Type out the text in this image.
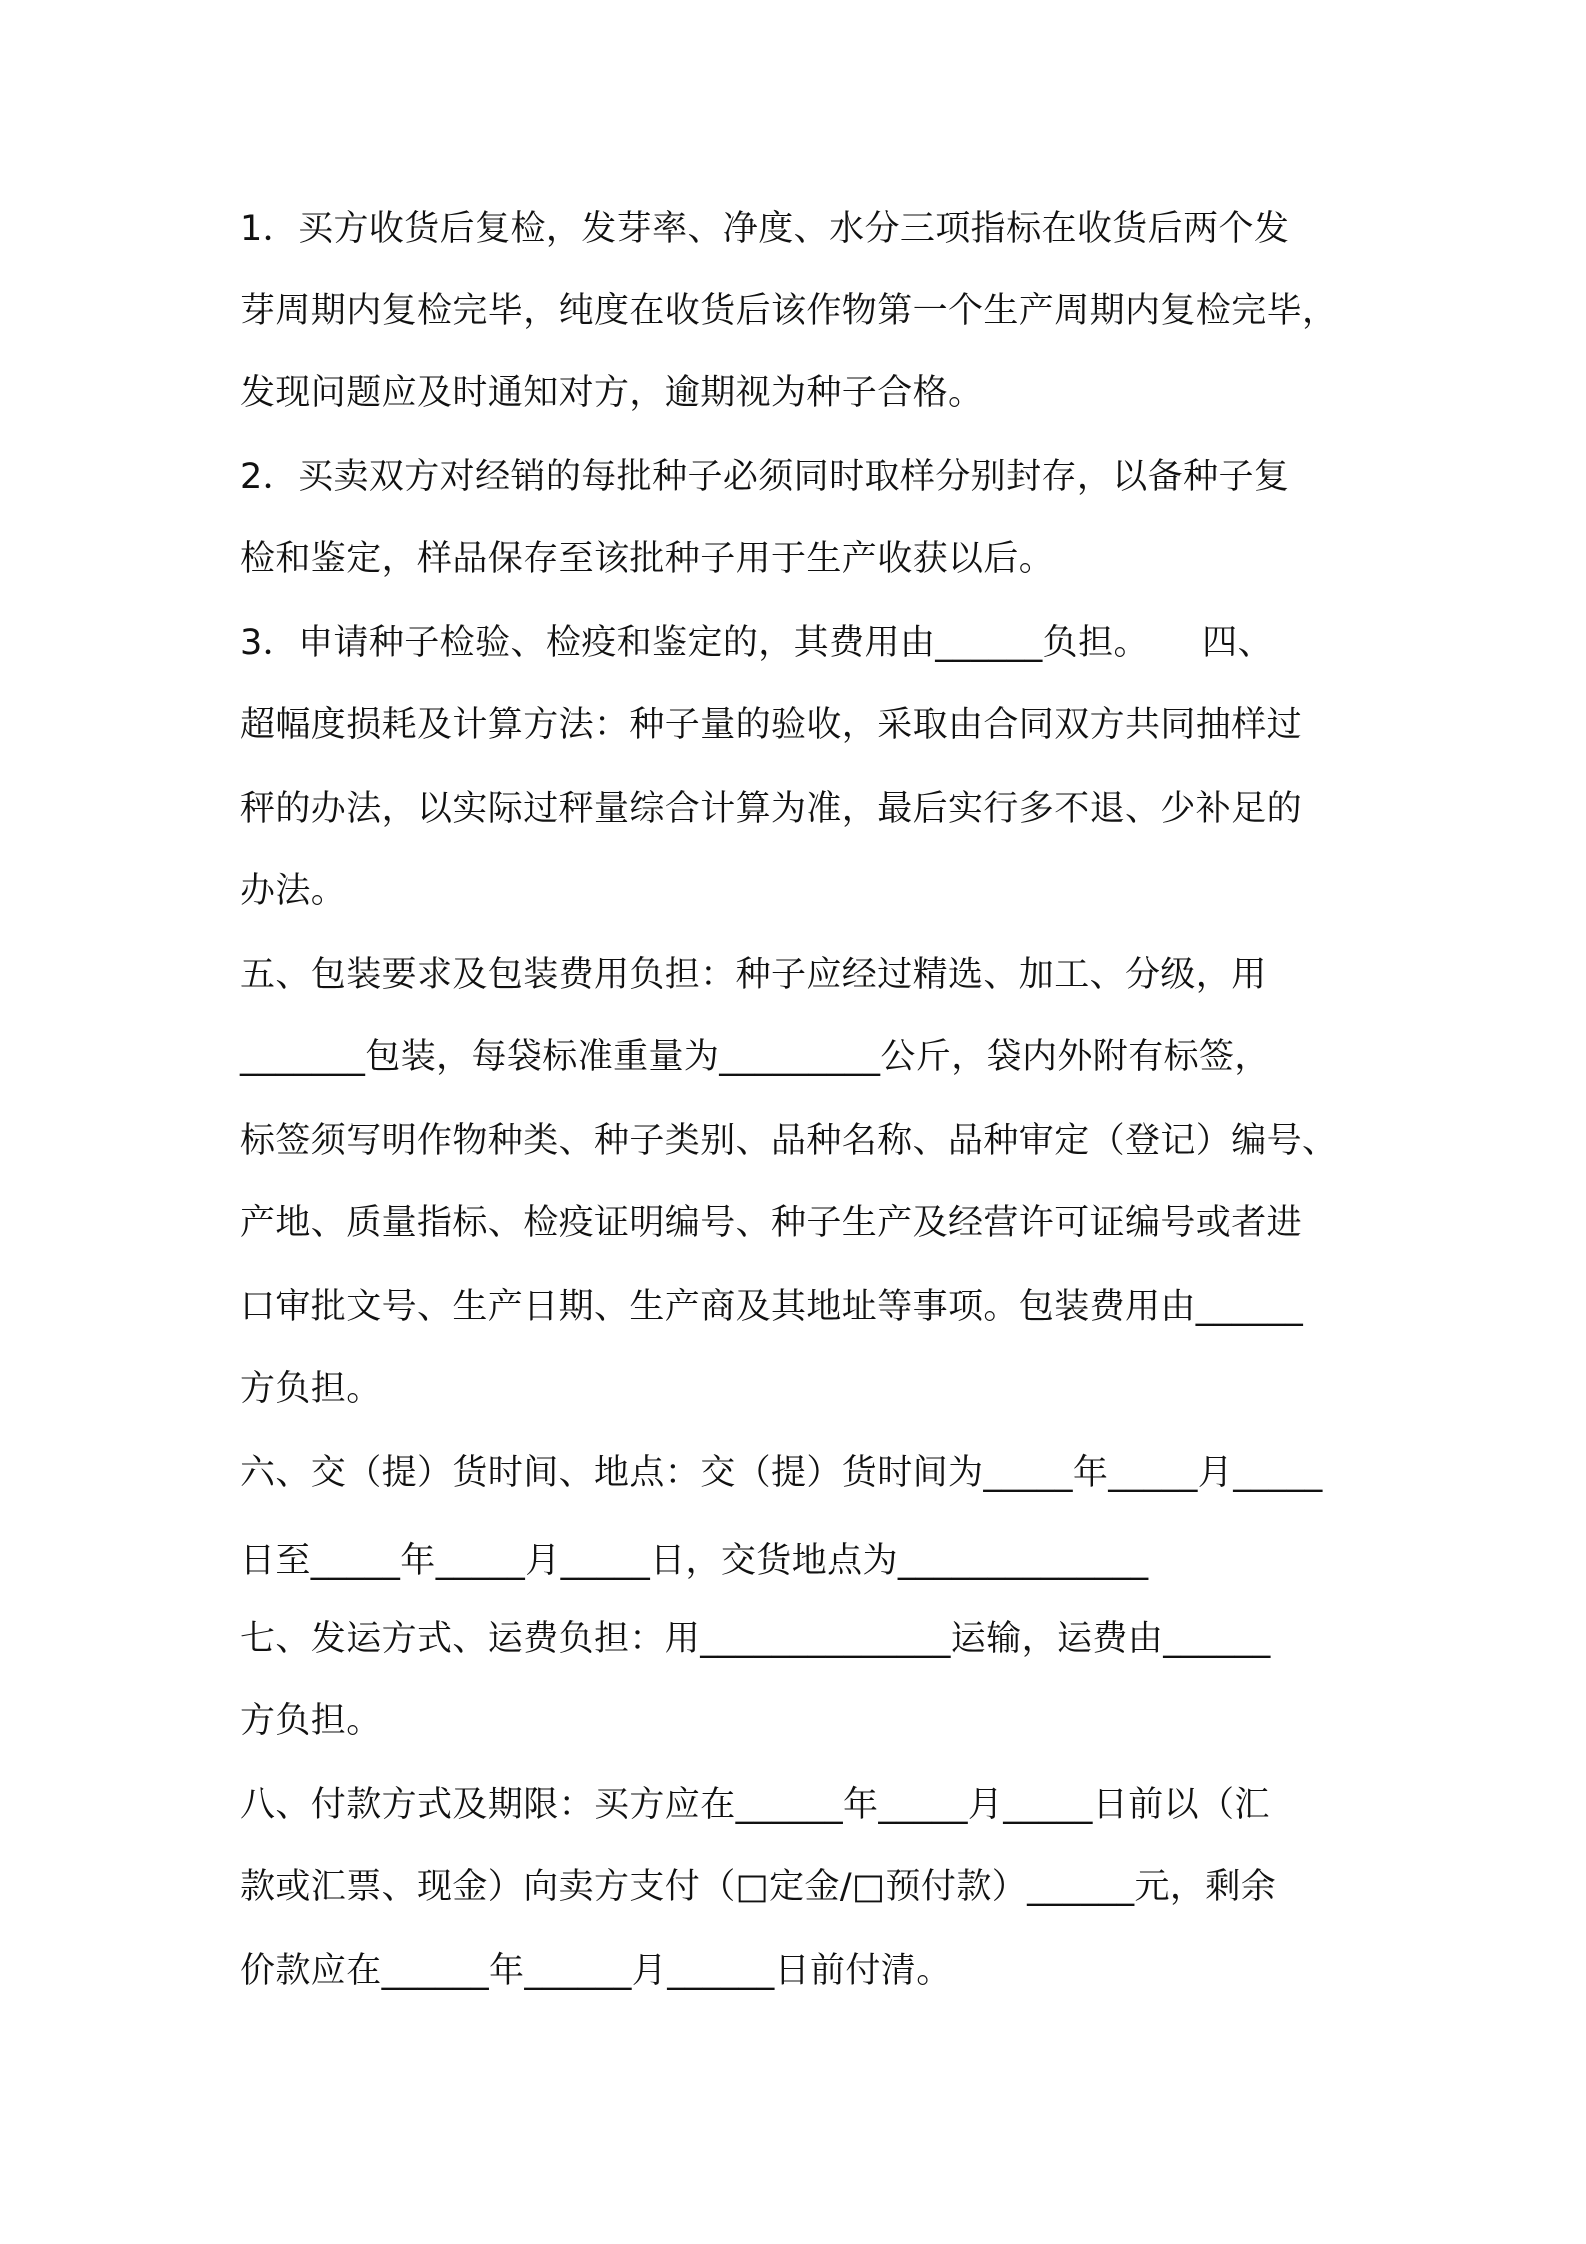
1．买方收货后复检，发芽率、净度、水分三项指标在收货后两个发

芽周期内复检完毕，纯度在收货后该作物第一个生产周期内复检完毕，

发现问题应及时通知对方，逾期视为种子合格。

2．买卖双方对经销的每批种子必须同时取样分别封存，以备种子复

检和鉴定，样品保存至该批种子用于生产收获以后。

3．申请种子检验、检疫和鉴定的，其费用由______负担。　　四、

超幅度损耗及计算方法：种子量的验收，采取由合同双方共同抽样过

秤的办法，以实际过秤量综合计算为准，最后实行多不退、少补足的

办法。

五、包装要求及包装费用负担：种子应经过精选、加工、分级，用

_______包装，每袋标准重量为_________公斤，袋内外附有标签，

标签须写明作物种类、种子类别、品种名称、品种审定（登记）编号、

产地、质量指标、检疫证明编号、种子生产及经营许可证编号或者进

口审批文号、生产日期、生产商及其地址等事项。包装费用由______

方负担。

六、交（提）货时间、地点：交（提）货时间为_____年_____月_____

日至_____年_____月_____日，交货地点为______________

七、发运方式、运费负担：用______________运输，运费由______

方负担。

八、付款方式及期限：买方应在______年_____月_____日前以（汇

款或汇票、现金）向卖方支付（□定金/□预付款）______元，剩余

价款应在______年______月______日前付清。
